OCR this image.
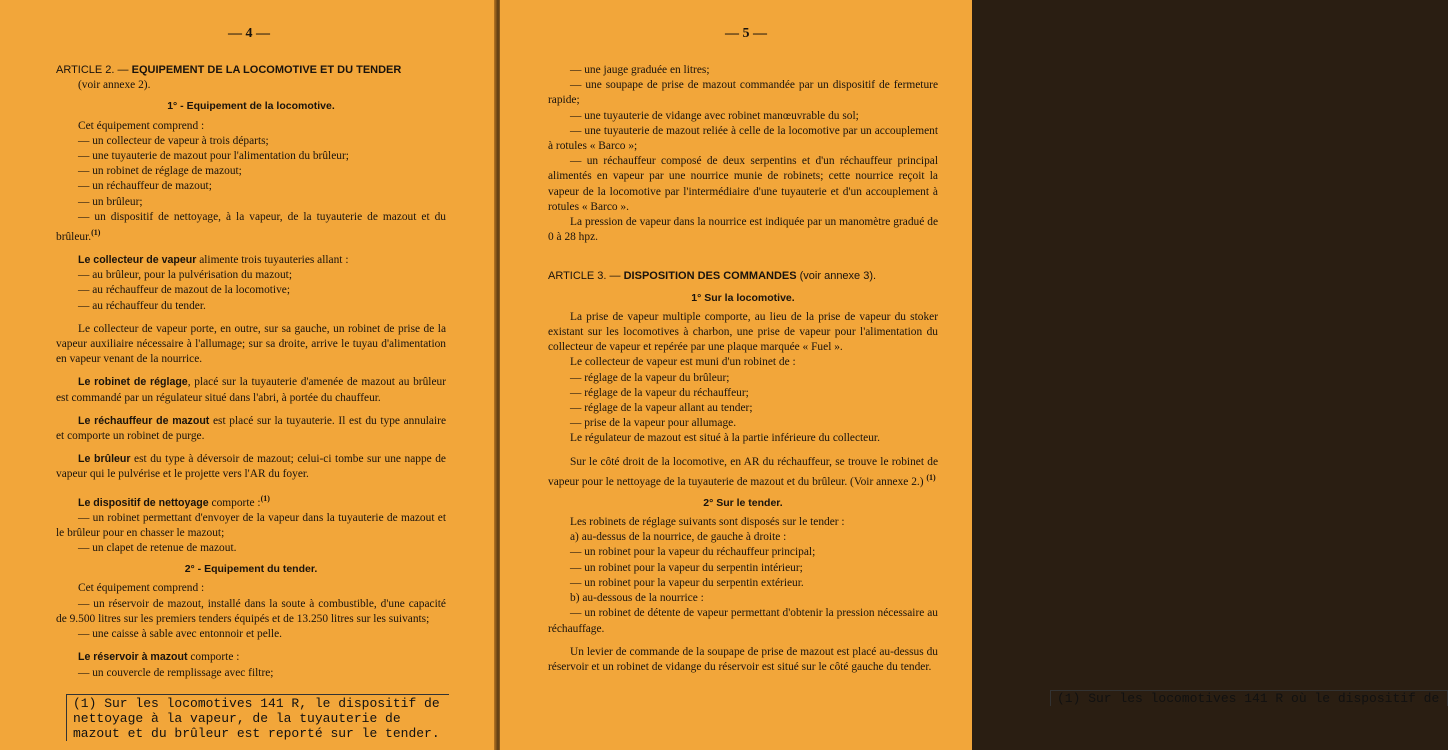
— 4 —

ARTICLE 2. — EQUIPEMENT DE LA LOCOMOTIVE ET DU TENDER

(voir annexe 2).

1° - Equipement de la locomotive.

Cet équipement comprend :

— un collecteur de vapeur à trois départs;

— une tuyauterie de mazout pour l'alimentation du brûleur;

— un robinet de réglage de mazout;

— un réchauffeur de mazout;

— un brûleur;

— un dispositif de nettoyage, à la vapeur, de la tuyauterie de mazout et du brûleur.$^{(1)}$

Le collecteur de vapeur alimente trois tuyauteries allant :

— au brûleur, pour la pulvérisation du mazout;

— au réchauffeur de mazout de la locomotive;

— au réchauffeur du tender.

Le collecteur de vapeur porte, en outre, sur sa gauche, un robinet de prise de la vapeur auxiliaire nécessaire à l'allumage; sur sa droite, arrive le tuyau d'alimentation en vapeur venant de la nourrice.

Le robinet de réglage, placé sur la tuyauterie d'amenée de mazout au brûleur est commandé par un régulateur situé dans l'abri, à portée du chauffeur.

Le réchauffeur de mazout est placé sur la tuyauterie. Il est du type annulaire et comporte un robinet de purge.

Le brûleur est du type à déversoir de mazout; celui-ci tombe sur une nappe de vapeur qui le pulvérise et le projette vers l'AR du foyer.

Le dispositif de nettoyage comporte :$^{(1)}$

— un robinet permettant d'envoyer de la vapeur dans la tuyauterie de mazout et le brûleur pour en chasser le mazout;

— un clapet de retenue de mazout.

2° - Equipement du tender.

Cet équipement comprend :

— un réservoir de mazout, installé dans la soute à combustible, d'une capacité de 9.500 litres sur les premiers tenders équipés et de 13.250 litres sur les suivants;

— une caisse à sable avec entonnoir et pelle.

Le réservoir à mazout comporte :

— un couvercle de remplissage avec filtre;

(1) Sur les locomotives 141 R, le dispositif de nettoyage à la vapeur, de la tuyauterie de mazout et du brûleur est reporté sur le tender.
— 5 —

— une jauge graduée en litres;

— une soupape de prise de mazout commandée par un dispositif de fermeture rapide;

— une tuyauterie de vidange avec robinet manœuvrable du sol;

— une tuyauterie de mazout reliée à celle de la locomotive par un accouplement à rotules « Barco »;

— un réchauffeur composé de deux serpentins et d'un réchauffeur principal alimentés en vapeur par une nourrice munie de robinets; cette nourrice reçoit la vapeur de la locomotive par l'intermédiaire d'une tuyauterie et d'un accouplement à rotules « Barco ».

La pression de vapeur dans la nourrice est indiquée par un manomètre gradué de 0 à 28 hpz.

ARTICLE 3. — DISPOSITION DES COMMANDES (voir annexe 3).

1° Sur la locomotive.

La prise de vapeur multiple comporte, au lieu de la prise de vapeur du stoker existant sur les locomotives à charbon, une prise de vapeur pour l'alimentation du collecteur de vapeur et repérée par une plaque marquée « Fuel ».

Le collecteur de vapeur est muni d'un robinet de :

— réglage de la vapeur du brûleur;

— réglage de la vapeur du réchauffeur;

— réglage de la vapeur allant au tender;

— prise de la vapeur pour allumage.

Le régulateur de mazout est situé à la partie inférieure du collecteur.

Sur le côté droit de la locomotive, en AR du réchauffeur, se trouve le robinet de vapeur pour le nettoyage de la tuyauterie de mazout et du brûleur. (Voir annexe 2.) $^{(1)}$

2° Sur le tender.

Les robinets de réglage suivants sont disposés sur le tender :

a) au-dessus de la nourrice, de gauche à droite :

— un robinet pour la vapeur du réchauffeur principal;

— un robinet pour la vapeur du serpentin intérieur;

— un robinet pour la vapeur du serpentin extérieur.

b) au-dessous de la nourrice :

— un robinet de détente de vapeur permettant d'obtenir la pression nécessaire au réchauffage.

Un levier de commande de la soupape de prise de mazout est placé au-dessus du réservoir et un robinet de vidange du réservoir est situé sur le côté gauche du tender.

(1) Sur les locomotives 141 R où le dispositif de
